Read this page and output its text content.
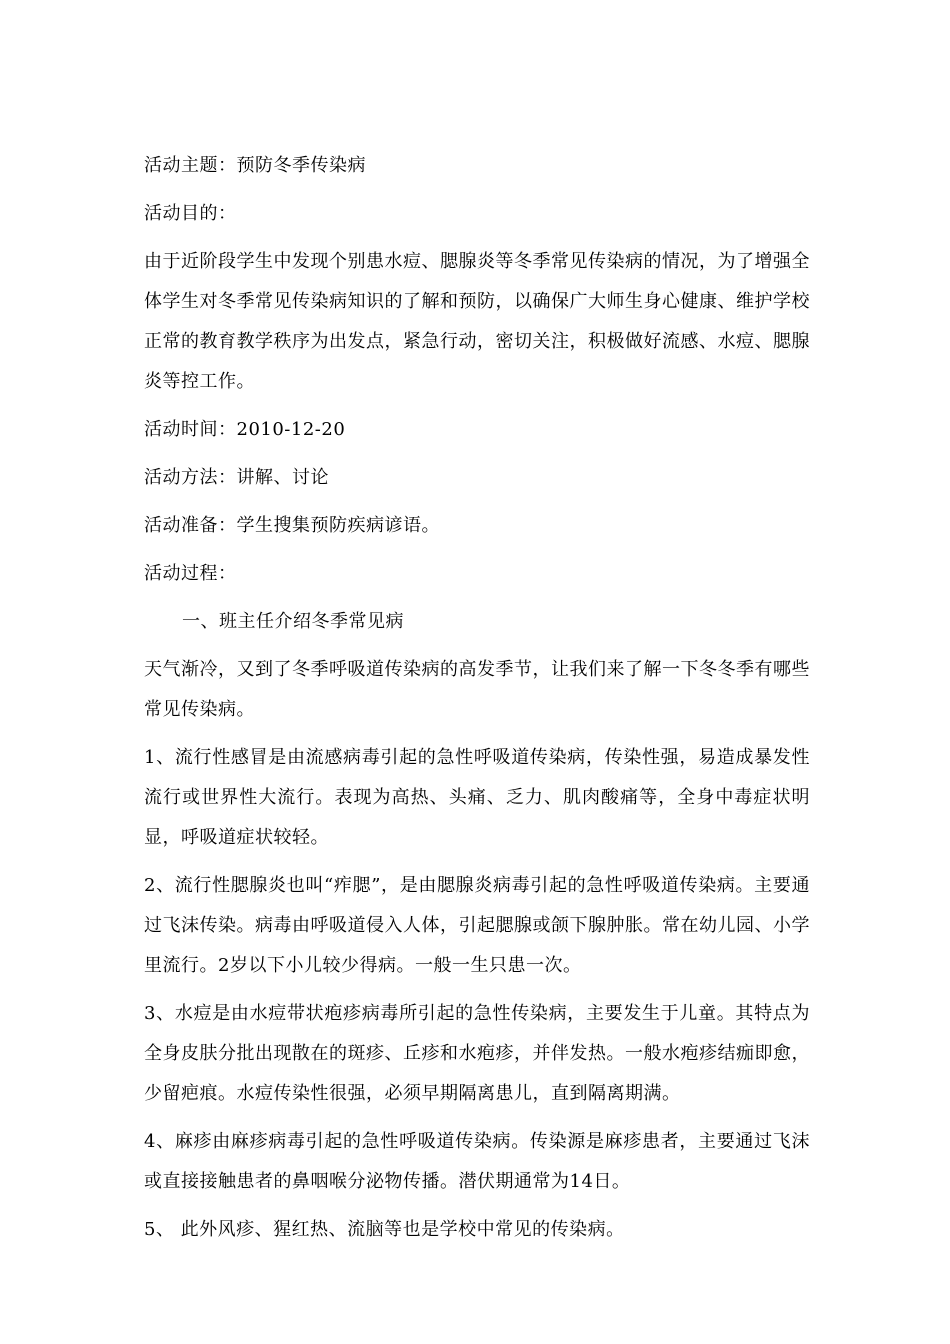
活动主题：预防冬季传染病

活动目的：

由于近阶段学生中发现个别患水痘、腮腺炎等冬季常见传染病的情况，为了增强全体学生对冬季常见传染病知识的了解和预防，以确保广大师生身心健康、维护学校正常的教育教学秩序为出发点，紧急行动，密切关注，积极做好流感、水痘、腮腺炎等控工作。

活动时间：2010-12-20

活动方法：讲解、讨论

活动准备：学生搜集预防疾病谚语。

活动过程：

一、班主任介绍冬季常见病

天气渐冷，又到了冬季呼吸道传染病的高发季节，让我们来了解一下冬冬季有哪些常见传染病。

1、流行性感冒是由流感病毒引起的急性呼吸道传染病，传染性强，易造成暴发性流行或世界性大流行。表现为高热、头痛、乏力、肌肉酸痛等，全身中毒症状明显，呼吸道症状较轻。

2、流行性腮腺炎也叫“痄腮”，是由腮腺炎病毒引起的急性呼吸道传染病。主要通过飞沫传染。病毒由呼吸道侵入人体，引起腮腺或颌下腺肿胀。常在幼儿园、小学里流行。2岁以下小儿较少得病。一般一生只患一次。

3、水痘是由水痘带状疱疹病毒所引起的急性传染病，主要发生于儿童。其特点为全身皮肤分批出现散在的斑疹、丘疹和水疱疹，并伴发热。一般水疱疹结痂即愈，少留疤痕。水痘传染性很强，必须早期隔离患儿，直到隔离期满。

4、麻疹由麻疹病毒引起的急性呼吸道传染病。传染源是麻疹患者，主要通过飞沫或直接接触患者的鼻咽喉分泌物传播。潜伏期通常为14日。

5、 此外风疹、猩红热、流脑等也是学校中常见的传染病。
